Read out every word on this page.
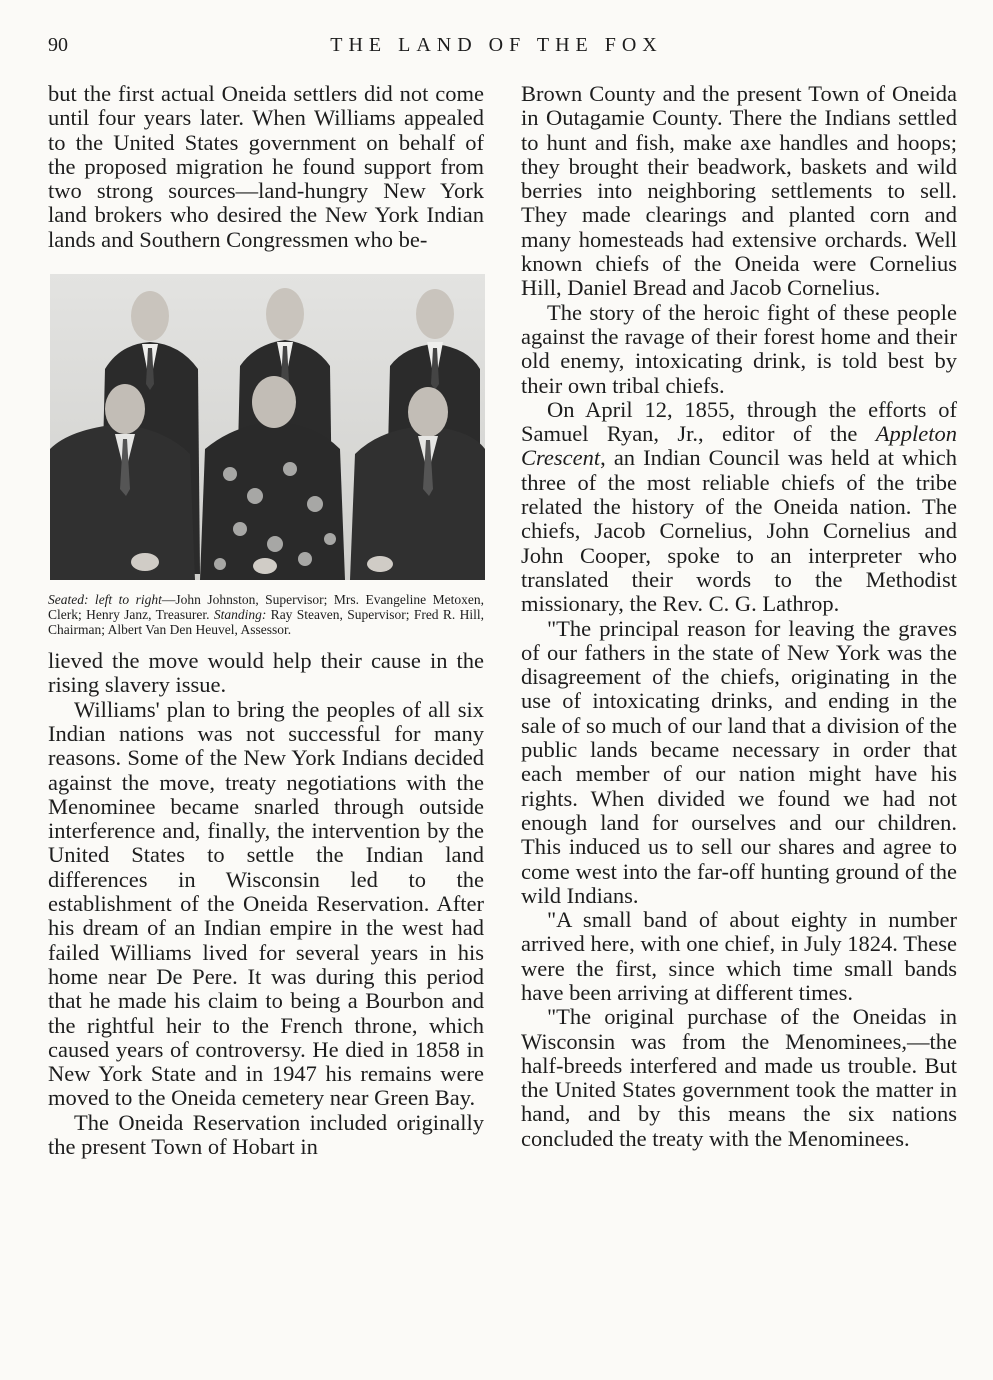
90	THE LAND OF THE FOX

but the first actual Oneida settlers did not come until four years later. When Williams appealed to the United States government on behalf of the proposed migration he found support from two strong sources—land-hungry New York land brokers who desired the New York Indian lands and Southern Congressmen who be-

Seated: left to right—John Johnston, Supervisor; Mrs. Evangeline Metoxen, Clerk; Henry Janz, Treasurer. Standing: Ray Steaven, Supervisor; Fred R. Hill, Chairman; Albert Van Den Heuvel, Assessor.

lieved the move would help their cause in the rising slavery issue.

Williams' plan to bring the peoples of all six Indian nations was not successful for many reasons. Some of the New York Indians decided against the move, treaty negotiations with the Menominee became snarled through outside interference and, finally, the intervention by the United States to settle the Indian land differences in Wisconsin led to the establishment of the Oneida Reservation. After his dream of an Indian empire in the west had failed Williams lived for several years in his home near De Pere. It was during this period that he made his claim to being a Bourbon and the rightful heir to the French throne, which caused years of controversy. He died in 1858 in New York State and in 1947 his remains were moved to the Oneida cemetery near Green Bay.

The Oneida Reservation included originally the present Town of Hobart in

Brown County and the present Town of Oneida in Outagamie County. There the Indians settled to hunt and fish, make axe handles and hoops; they brought their beadwork, baskets and wild berries into neighboring settlements to sell. They made clearings and planted corn and many homesteads had extensive orchards. Well known chiefs of the Oneida were Cornelius Hill, Daniel Bread and Jacob Cornelius.

The story of the heroic fight of these people against the ravage of their forest home and their old enemy, intoxicating drink, is told best by their own tribal chiefs.

On April 12, 1855, through the efforts of Samuel Ryan, Jr., editor of the Appleton Crescent, an Indian Council was held at which three of the most reliable chiefs of the tribe related the history of the Oneida nation. The chiefs, Jacob Cornelius, John Cornelius and John Cooper, spoke to an interpreter who translated their words to the Methodist missionary, the Rev. C. G. Lathrop.

"The principal reason for leaving the graves of our fathers in the state of New York was the disagreement of the chiefs, originating in the use of intoxicating drinks, and ending in the sale of so much of our land that a division of the public lands became necessary in order that each member of our nation might have his rights. When divided we found we had not enough land for ourselves and our children. This induced us to sell our shares and agree to come west into the far-off hunting ground of the wild Indians.

"A small band of about eighty in number arrived here, with one chief, in July 1824. These were the first, since which time small bands have been arriving at different times.

"The original purchase of the Oneidas in Wisconsin was from the Menominees,—the half-breeds interfered and made us trouble. But the United States government took the matter in hand, and by this means the six nations concluded the treaty with the Menominees.
